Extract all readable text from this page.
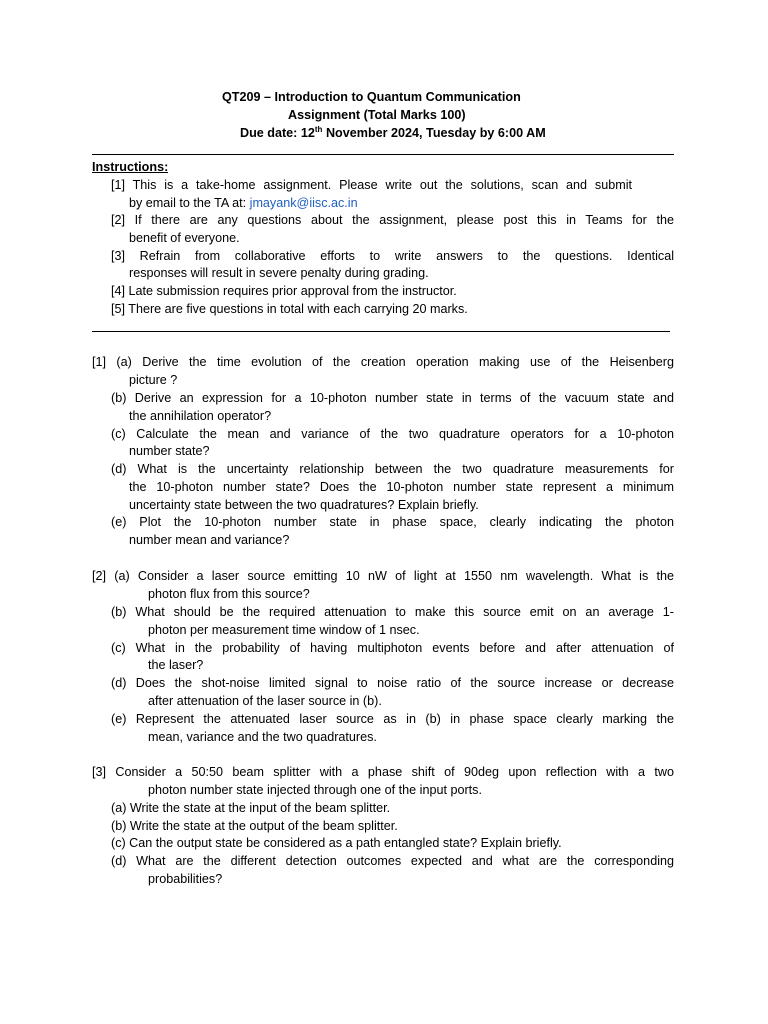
QT209 – Introduction to Quantum Communication
Assignment (Total Marks 100)
Due date: 12th November 2024, Tuesday by 6:00 AM
Instructions:
[1] This is a take-home assignment. Please write out the solutions, scan and submit
by email to the TA at: jmayank@iisc.ac.in
[2] If there are any questions about the assignment, please post this in Teams for the
benefit of everyone.
[3] Refrain from collaborative efforts to write answers to the questions. Identical
responses will result in severe penalty during grading.
[4] Late submission requires prior approval from the instructor.
[5] There are five questions in total with each carrying 20 marks.
[1] (a) Derive the time evolution of the creation operation making use of the Heisenberg
picture ?
(b) Derive an expression for a 10-photon number state in terms of the vacuum state and
the annihilation operator?
(c) Calculate the mean and variance of the two quadrature operators for a 10-photon
number state?
(d) What is the uncertainty relationship between the two quadrature measurements for
the 10-photon number state? Does the 10-photon number state represent a minimum
uncertainty state between the two quadratures? Explain briefly.
(e) Plot the 10-photon number state in phase space, clearly indicating the photon
number mean and variance?
[2] (a) Consider a laser source emitting 10 nW of light at 1550 nm wavelength. What is the
photon flux from this source?
(b) What should be the required attenuation to make this source emit on an average 1-
photon per measurement time window of 1 nsec.
(c) What in the probability of having multiphoton events before and after attenuation of
the laser?
(d) Does the shot-noise limited signal to noise ratio of the source increase or decrease
after attenuation of the laser source in (b).
(e) Represent the attenuated laser source as in (b) in phase space clearly marking the
mean, variance and the two quadratures.
[3] Consider a 50:50 beam splitter with a phase shift of 90deg upon reflection with a two
photon number state injected through one of the input ports.
(a) Write the state at the input of the beam splitter.
(b) Write the state at the output of the beam splitter.
(c) Can the output state be considered as a path entangled state? Explain briefly.
(d) What are the different detection outcomes expected and what are the corresponding
probabilities?
